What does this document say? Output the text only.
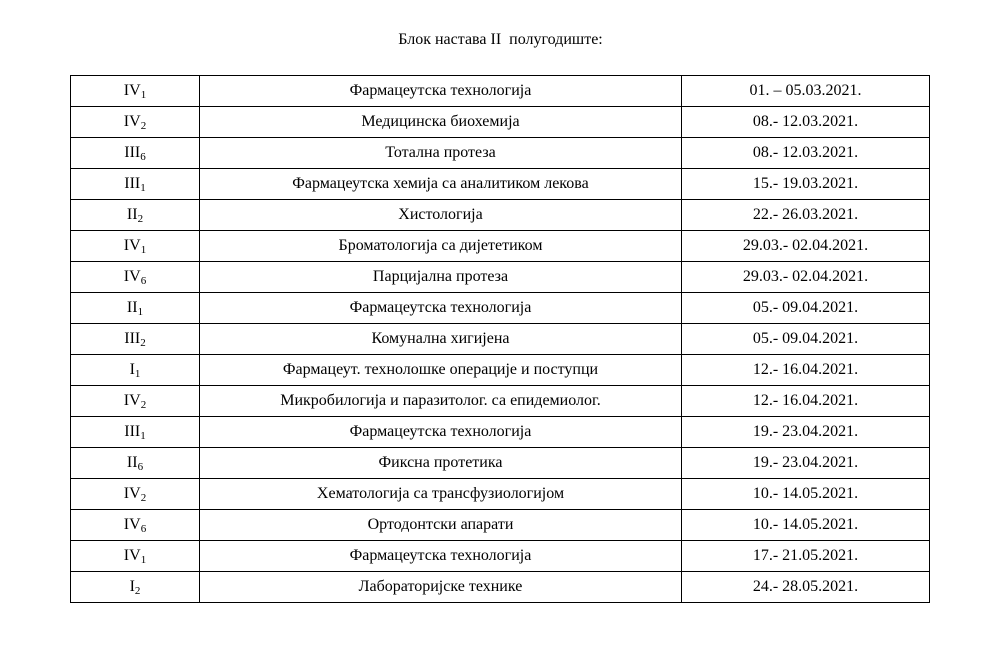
Блок настава II  полугодиште:
$IV_1$	Фармацеутска технологија	01. – 05.03.2021.
$IV_2$	Медицинска биохемија	08.- 12.03.2021.
$III_6$	Тотална протеза	08.- 12.03.2021.
$III_1$	Фармацеутска хемија са аналитиком лекова	15.- 19.03.2021.
$II_2$	Хистологија	22.- 26.03.2021.
$IV_1$	Броматологија са дијететиком	29.03.- 02.04.2021.
$IV_6$	Парцијална протеза	29.03.- 02.04.2021.
$II_1$	Фармацеутска технологија	05.- 09.04.2021.
$III_2$	Комунална хигијена	05.- 09.04.2021.
$I_1$	Фармацеут. технолошке операције и поступци	12.- 16.04.2021.
$IV_2$	Микробилогија и паразитолог. са епидемиолог.	12.- 16.04.2021.
$III_1$	Фармацеутска технологија	19.- 23.04.2021.
$II_6$	Фиксна протетика	19.- 23.04.2021.
$IV_2$	Хематологија са трансфузиологијом	10.- 14.05.2021.
$IV_6$	Ортодонтски апарати	10.- 14.05.2021.
$IV_1$	Фармацеутска технологија	17.- 21.05.2021.
$I_2$	Лабораторијске технике	24.- 28.05.2021.
